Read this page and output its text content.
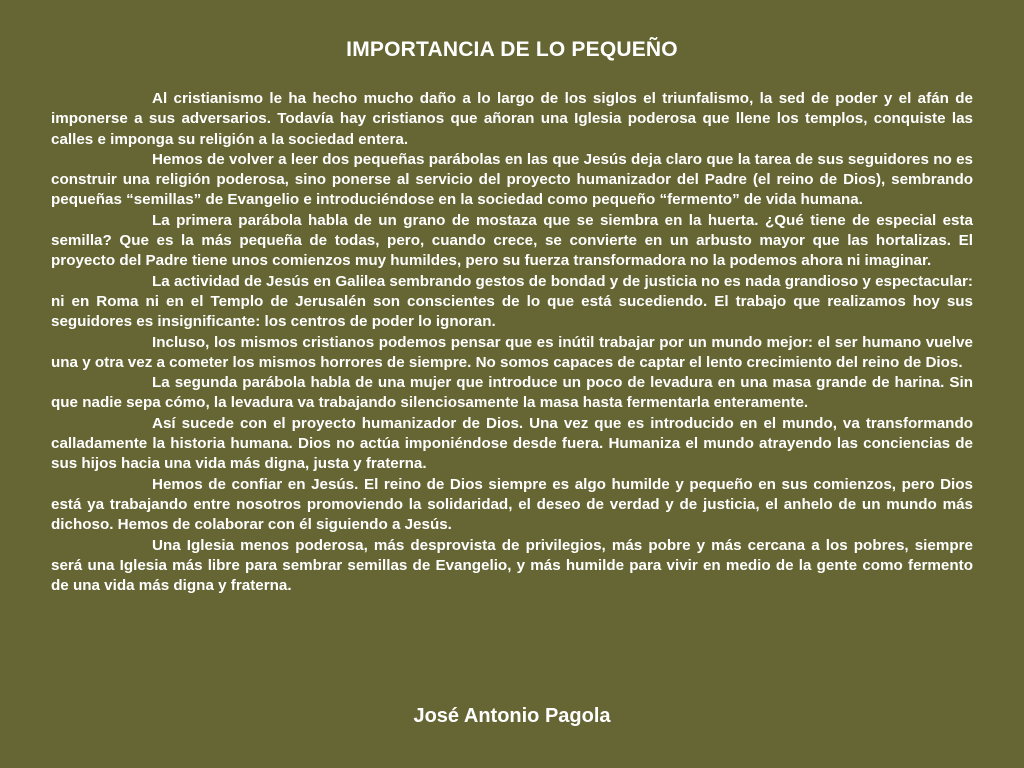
IMPORTANCIA DE LO PEQUEÑO

Al cristianismo le ha hecho mucho daño a lo largo de los siglos el triunfalismo, la sed de poder y el afán de imponerse a sus adversarios. Todavía hay cristianos que añoran una Iglesia poderosa que llene los templos, conquiste las calles e imponga su religión a la sociedad entera.

Hemos de volver a leer dos pequeñas parábolas en las que Jesús deja claro que la tarea de sus seguidores no es construir una religión poderosa, sino ponerse al servicio del proyecto humanizador del Padre (el reino de Dios), sembrando pequeñas “semillas” de Evangelio e introduciéndose en la sociedad como pequeño “fermento” de vida humana.

La primera parábola habla de un grano de mostaza que se siembra en la huerta. ¿Qué tiene de especial esta semilla? Que es la más pequeña de todas, pero, cuando crece, se convierte en un arbusto mayor que las hortalizas. El proyecto del Padre tiene unos comienzos muy humildes, pero su fuerza transformadora no la podemos ahora ni imaginar.

La actividad de Jesús en Galilea sembrando gestos de bondad y de justicia no es nada grandioso y espectacular: ni en Roma ni en el Templo de Jerusalén son conscientes de lo que está sucediendo. El trabajo que realizamos hoy sus seguidores es insignificante: los centros de poder lo ignoran.

Incluso, los mismos cristianos podemos pensar que es inútil trabajar por un mundo mejor: el ser humano vuelve una y otra vez a cometer los mismos horrores de siempre. No somos capaces de captar el lento crecimiento del reino de Dios.

La segunda parábola habla de una mujer que introduce un poco de levadura en una masa grande de harina. Sin que nadie sepa cómo, la levadura va trabajando silenciosamente la masa hasta fermentarla enteramente.

Así sucede con el proyecto humanizador de Dios. Una vez que es introducido en el mundo, va transformando calladamente la historia humana. Dios no actúa imponiéndose desde fuera. Humaniza el mundo atrayendo las conciencias de sus hijos hacia una vida más digna, justa y fraterna.

Hemos de confiar en Jesús. El reino de Dios siempre es algo humilde y pequeño en sus comienzos, pero Dios está ya trabajando entre nosotros promoviendo la solidaridad, el deseo de verdad y de justicia, el anhelo de un mundo más dichoso. Hemos de colaborar con él siguiendo a Jesús.

Una Iglesia menos poderosa, más desprovista de privilegios, más pobre y más cercana a los pobres, siempre será una Iglesia más libre para sembrar semillas de Evangelio, y más humilde para vivir en medio de la gente como fermento de una vida más digna y fraterna.

José Antonio Pagola
